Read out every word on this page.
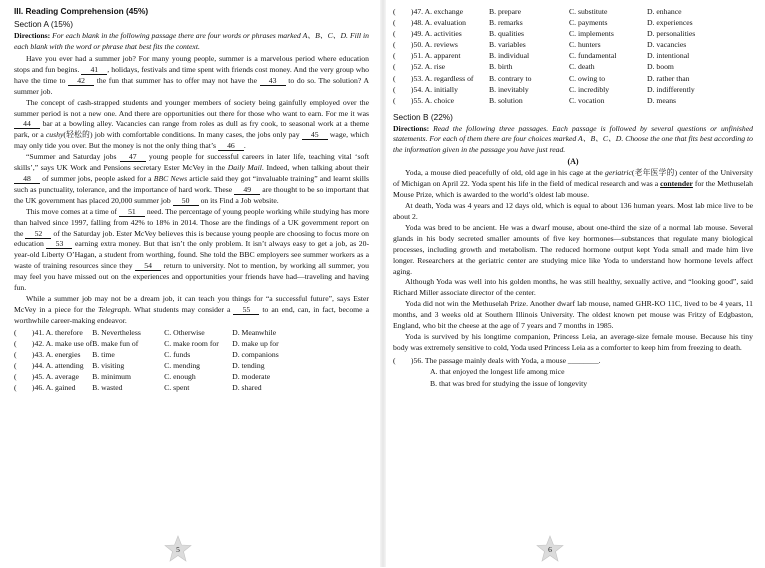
III. Reading Comprehension (45%)
Section A (15%)

Directions: For each blank in the following passage there are four words or phrases marked A、B、C、D. Fill in each blank with the word or phrase that best fits the context.

Have you ever had a summer job? For many young people, summer is a marvelous period where education stops and fun begins. 41 , holidays, festivals and time spent with friends cost money. And the very group who have the time to 42 the fun that summer has to offer may not have the 43 to do so. The solution? A summer job.

The concept of cash-strapped students and younger members of society being gainfully employed over the summer period is not a new one. And there are opportunities out there for those who want to earn. For me it was 44 bar at a bowling alley. Vacancies can range from roles as dull as fry cook, to seasonal work at a theme park, or a cushy(轻松的) job with comfortable conditions. In many cases, the jobs only pay 45 wage, which may only tide you over. But the money is not the only thing that’s 46 .

“Summer and Saturday jobs 47 young people for successful careers in later life, teaching vital ‘soft skills’,” says UK Work and Pensions secretary Ester McVey in the Daily Mail. Indeed, when talking about their 48 of summer jobs, people asked for a BBC News article said they got “invaluable training” and learnt skills such as punctuality, tolerance, and the importance of hard work. These 49 are thought to be so important that the UK government has placed 20,000 summer job 50 on its Find a Job website.

This move comes at a time of 51 need. The percentage of young people working while studying has more than halved since 1997, falling from 42% to 18% in 2014. Those are the findings of a UK government report on the 52 of the Saturday job. Ester McVey believes this is because young people are choosing to focus more on education 53 earning extra money. But that isn’t the only problem. It isn’t always easy to get a job, as 20-year-old Liberty O’Hagan, a student from worthing, found. She told the BBC employers see summer workers as a waste of training resources since they 54 return to university. Not to mention, by working all summer, you may feel you have missed out on the experiences and opportunities your friends have had—traveling and having fun.

While a summer job may not be a dream job, it can teach you things for “a successful future”, says Ester McVey in a piece for the Telegraph. What students may consider a 55 to an end, can, in fact, become a worthwhile career-making endeavor.

(　　)41. A. therefore	B. Nevertheless	C. Otherwise	D. Meanwhile
(　　)42. A. make use of	B. make fun of	C. make room for	D. make up for
(　　)43. A. energies	B. time	C. funds	D. companions
(　　)44. A. attending	B. visiting	C. mending	D. tending
(　　)45. A. average	B. minimum	C. enough	D. moderate
(　　)46. A. gained	B. wasted	C. spent	D. shared
5
(　　)47. A. exchange	B. prepare	C. substitute	D. enhance
(　　)48. A. evaluation	B. remarks	C. payments	D. experiences
(　　)49. A. activities	B. qualities	C. implements	D. personalities
(　　)50. A. reviews	B. variables	C. hunters	D. vacancies
(　　)51. A. apparent	B. individual	C. fundamental	D. intentional
(　　)52. A. rise	B. birth	C. death	D. boom
(　　)53. A. regardless of	B. contrary to	C. owing to	D. rather than
(　　)54. A. initially	B. inevitably	C. incredibly	D. indifferently
(　　)55. A. choice	B. solution	C. vocation	D. means
Section B (22%)

Directions: Read the following three passages. Each passage is followed by several questions or unfinished statements. For each of them there are four choices marked A、B、C、D. Choose the one that fits best according to the information given in the passage you have just read.

(A)

Yoda, a mouse died peacefully of old, old age in his cage at the geriatric(老年医学的) center of the University of Michigan on April 22. Yoda spent his life in the field of medical research and was a contender for the Methuselah Mouse Prize, which is awarded to the world’s oldest lab mouse.

At death, Yoda was 4 years and 12 days old, which is equal to about 136 human years. Most lab mice live to be about 2.

Yoda was bred to be ancient. He was a dwarf mouse, about one-third the size of a normal lab mouse. Several glands in his body secreted smaller amounts of five key hormones—substances that regulate many biological processes, including growth and metabolism. The reduced hormone output kept Yoda small and made him live longer. Researchers at the geriatric center are studying mice like Yoda to understand how hormone levels affect aging.

Although Yoda was well into his golden months, he was still healthy, sexually active, and “looking good”, said Richard Miller associate director of the center.

Yoda did not win the Methuselah Prize. Another dwarf lab mouse, named GHR-KO 11C, lived to be 4 years, 11 months, and 3 weeks old at Southern Illinois University. The oldest known pet mouse was Fritzy of Edgbaston, England, who bit the cheese at the age of 7 years and 7 months in 1985.

Yoda is survived by his longtime companion, Princess Leia, an average-size female mouse. Because his tiny body was extremely sensitive to cold, Yoda used Princess Leia as a comforter to keep him from freezing to death.

(　　)56. The passage mainly deals with Yoda, a mouse ________.
A. that enjoyed the longest life among mice
B. that was bred for studying the issue of longevity
6
